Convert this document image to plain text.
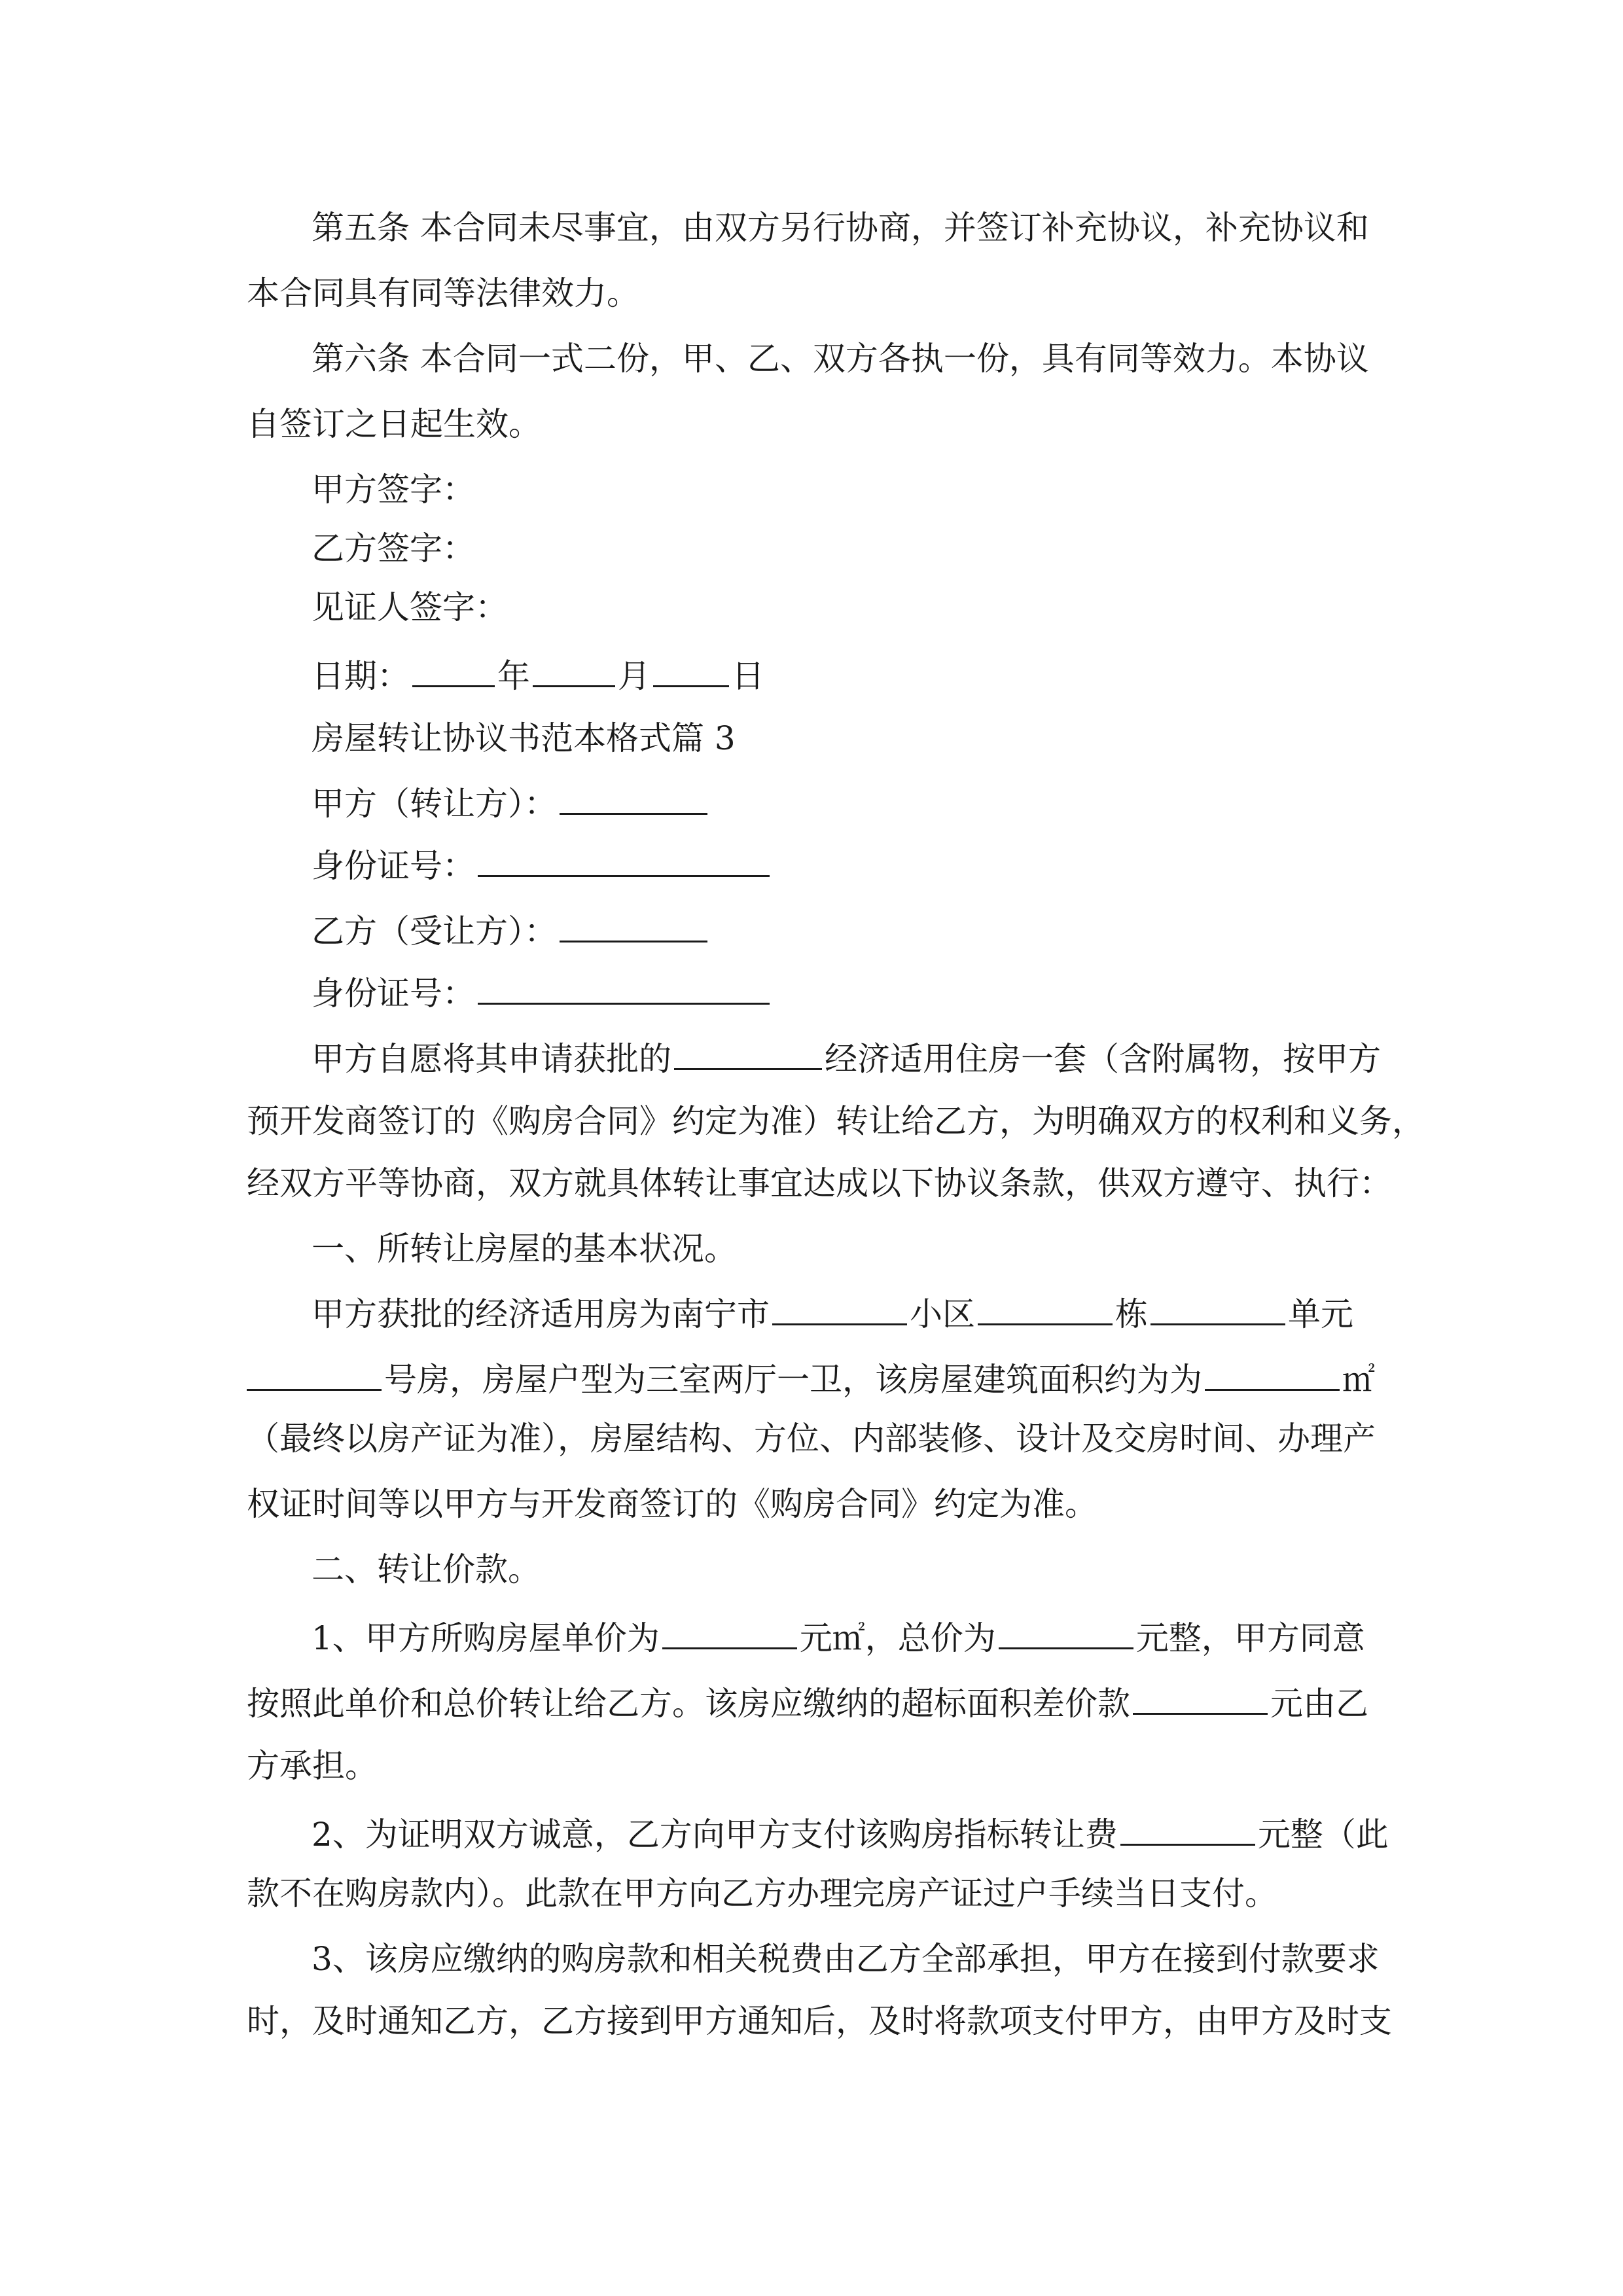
第五条 本合同未尽事宜，由双方另行协商，并签订补充协议，补充协议和
本合同具有同等法律效力。
第六条 本合同一式二份，甲、乙、双方各执一份，具有同等效力。本协议
自签订之日起生效。
甲方签字：
乙方签字：
见证人签字：
日期：	年	月 日
房屋转让协议书范本格式篇 3
甲方（转让方）：
身份证号：
乙方（受让方）：
身份证号：
甲方自愿将其申请获批的	经济适用住房一套（含附属物，按甲方
预开发商签订的《购房合同》约定为准）转让给乙方，为明确双方的权利和义务，
经双方平等协商，双方就具体转让事宜达成以下协议条款，供双方遵守、执行：
一、所转让房屋的基本状况。
甲方获批的经济适用房为南宁市	小区	栋	单元
号房，房屋户型为三室两厅一卫，该房屋建筑面积约为为	㎡
（最终以房产证为准），房屋结构、方位、内部装修、设计及交房时间、办理产
权证时间等以甲方与开发商签订的《购房合同》约定为准。
二、转让价款。
1、甲方所购房屋单价为	元㎡，总价为	元整，甲方同意
按照此单价和总价转让给乙方。该房应缴纳的超标面积差价款	元由乙
方承担。
2、为证明双方诚意，乙方向甲方支付该购房指标转让费	元整（此
款不在购房款内）。此款在甲方向乙方办理完房产证过户手续当日支付。
3、该房应缴纳的购房款和相关税费由乙方全部承担，甲方在接到付款要求
时，及时通知乙方，乙方接到甲方通知后，及时将款项支付甲方，由甲方及时支
